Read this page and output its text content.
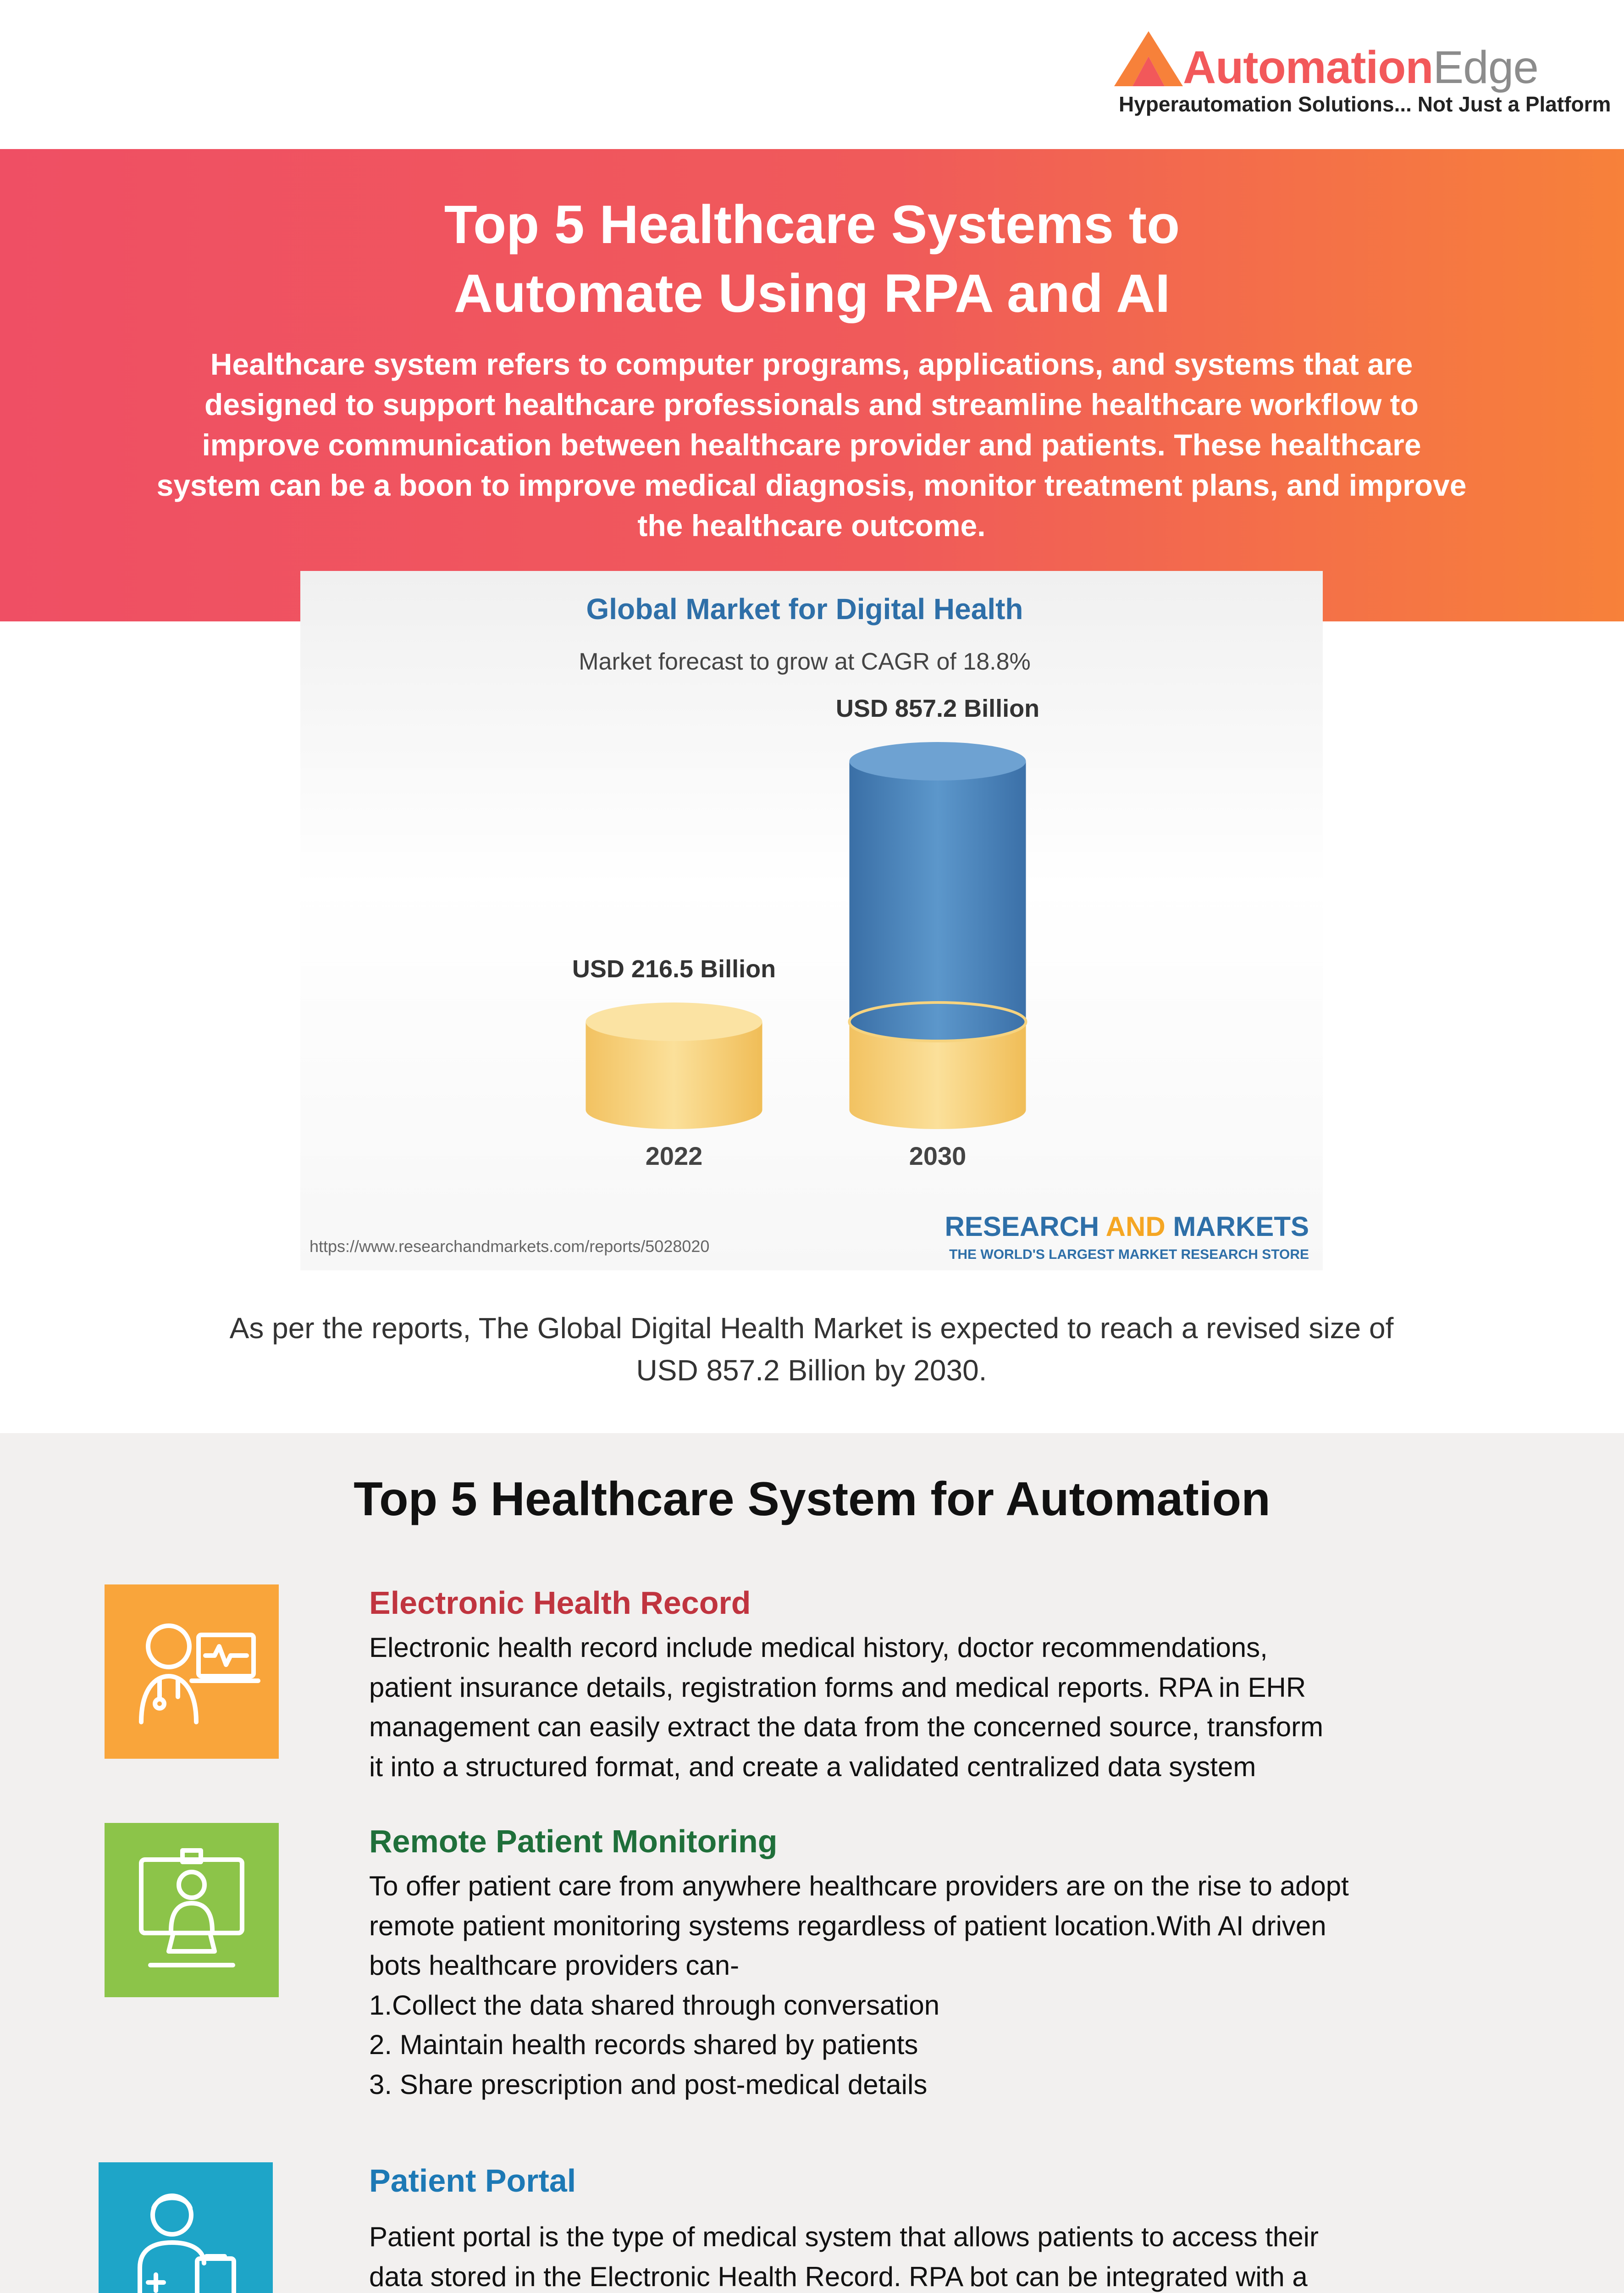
AutomationEdge
Hyperautomation Solutions... Not Just a Platform
Top 5 Healthcare Systems to
Automate Using RPA and AI
Healthcare system refers to computer programs, applications, and systems that are designed to support healthcare professionals and streamline healthcare workflow to improve communication between healthcare provider and patients. These healthcare system can be a boon to improve medical diagnosis, monitor treatment plans, and improve the healthcare outcome.
Global Market for Digital Health
Market forecast to grow at CAGR of 18.8%
USD 216.5 Billion
2022
USD 857.2 Billion
2030
https://www.researchandmarkets.com/reports/5028020
RESEARCH AND MARKETS
THE WORLD'S LARGEST MARKET RESEARCH STORE
As per the reports, The Global Digital Health Market is expected to reach a revised size of USD 857.2 Billion by 2030.
Top 5 Healthcare System for Automation
Electronic Health Record
Electronic health record include medical history, doctor recommendations,
patient insurance details, registration forms and medical reports. RPA in EHR
management can easily extract the data from the concerned source, transform
it into a structured format, and create a validated centralized data system
Remote Patient Monitoring
To offer patient care from anywhere healthcare providers are on the rise to adopt
remote patient monitoring systems regardless of patient location.With AI driven
bots healthcare providers can-
1.Collect the data shared through conversation
2. Maintain health records shared by patients
3. Share prescription and post-medical details
Patient Portal
Patient portal is the type of medical system that allows patients to access their
data stored in the Electronic Health Record. RPA bot can be integrated with a
